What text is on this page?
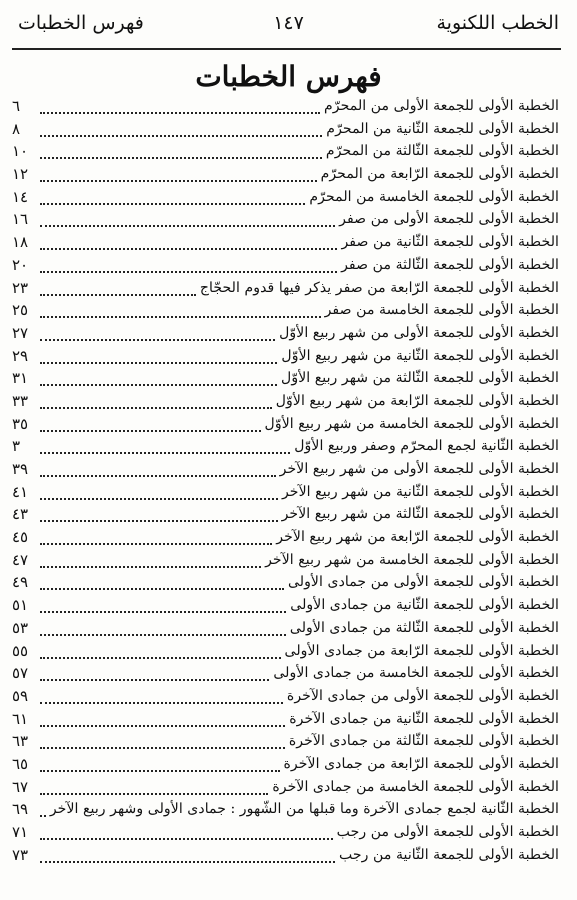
الخطب اللكنوية
١٤٧
فهرس الخطبات
فهرس الخطبات
٦	الخطبة الأولى للجمعة الأولى من المحرّم
٨	الخطبة الأولى للجمعة الثّانية من المحرّم
١٠	الخطبة الأولى للجمعة الثّالثة من المحرّم
١٢	الخطبة الأولى للجمعة الرّابعة من المحرّم
١٤	الخطبة الأولى للجمعة الخامسة من المحرّم
١٦	الخطبة الأولى للجمعة الأولى من صفر
١٨	الخطبة الأولى للجمعة الثّانية من صفر
٢٠	الخطبة الأولى للجمعة الثّالثة من صفر
٢٣	الخطبة الأولى للجمعة الرّابعة من صفر يذكر فيها قدوم الحجّاج
٢٥	الخطبة الأولى للجمعة الخامسة من صفر
٢٧	الخطبة الأولى للجمعة الأولى من شهر ربيع الأوّل
٢٩	الخطبة الأولى للجمعة الثّانية من شهر ربيع الأوّل
٣١	الخطبة الأولى للجمعة الثّالثة من شهر ربيع الأوّل
٣٣	الخطبة الأولى للجمعة الرّابعة من شهر ربيع الأوّل
٣٥	الخطبة الأولى للجمعة الخامسة من شهر ربيع الأوّل
٣	الخطبة الثّانية لجمع المحرّم وصفر وربيع الأوّل
٣٩	الخطبة الأولى للجمعة الأولى من شهر ربيع الآخر
٤١	الخطبة الأولى للجمعة الثّانية من شهر ربيع الآخر
٤٣	الخطبة الأولى للجمعة الثّالثة من شهر ربيع الآخر
٤٥	الخطبة الأولى للجمعة الرّابعة من شهر ربيع الآخر
٤٧	الخطبة الأولى للجمعة الخامسة من شهر ربيع الآخر
٤٩	الخطبة الأولى للجمعة الأولى من جمادى الأولى
٥١	الخطبة الأولى للجمعة الثّانية من جمادى الأولى
٥٣	الخطبة الأولى للجمعة الثّالثة من جمادى الأولى
٥٥	الخطبة الأولى للجمعة الرّابعة من جمادى الأولى
٥٧	الخطبة الأولى للجمعة الخامسة من جمادى الأولى
٥٩	الخطبة الأولى للجمعة الأولى من جمادى الآخرة
٦١	الخطبة الأولى للجمعة الثّانية من جمادى الآخرة
٦٣	الخطبة الأولى للجمعة الثّالثة من جمادى الآخرة
٦٥	الخطبة الأولى للجمعة الرّابعة من جمادى الآخرة
٦٧	الخطبة الأولى للجمعة الخامسة من جمادى الآخرة
٦٩	الخطبة الثّانية لجمع جمادى الآخرة وما قبلها من الشّهور : جمادى الأولى وشهر ربيع الآخر
٧١	الخطبة الأولى للجمعة الأولى من رجب
٧٣	الخطبة الأولى للجمعة الثّانية من رجب
